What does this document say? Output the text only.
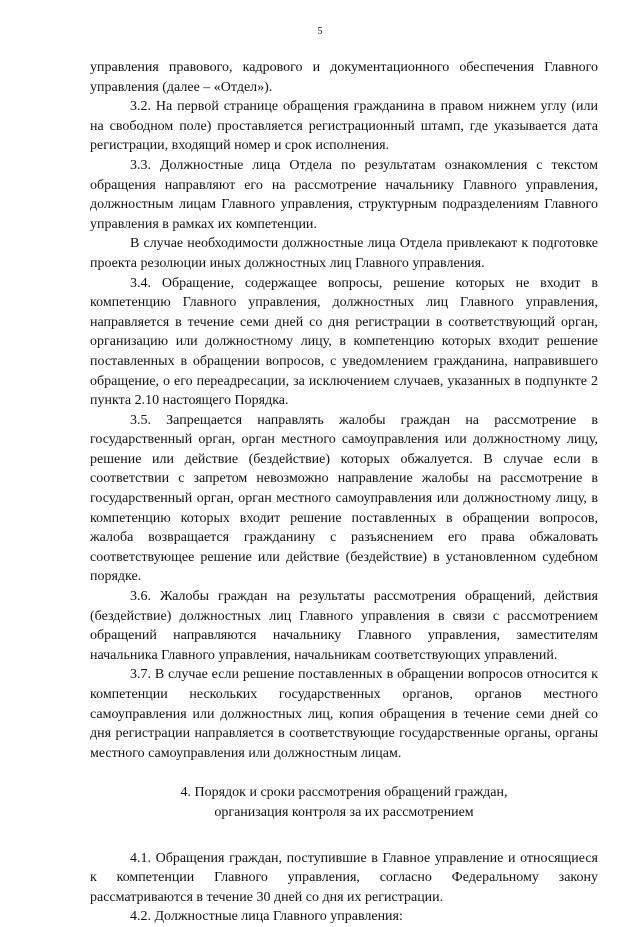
5

управления правового, кадрового и документационного обеспечения Главного управления (далее – «Отдел»).

3.2. На первой странице обращения гражданина в правом нижнем углу (или на свободном поле) проставляется регистрационный штамп, где указывается дата регистрации, входящий номер и срок исполнения.

3.3. Должностные лица Отдела по результатам ознакомления с текстом обращения направляют его на рассмотрение начальнику Главного управления, должностным лицам Главного управления, структурным подразделениям Главного управления в рамках их компетенции.

В случае необходимости должностные лица Отдела привлекают к подготовке проекта резолюции иных должностных лиц Главного управления.

3.4. Обращение, содержащее вопросы, решение которых не входит в компетенцию Главного управления, должностных лиц Главного управления, направляется в течение семи дней со дня регистрации в соответствующий орган, организацию или должностному лицу, в компетенцию которых входит решение поставленных в обращении вопросов, с уведомлением гражданина, направившего обращение, о его переадресации, за исключением случаев, указанных в подпункте 2 пункта 2.10 настоящего Порядка.

3.5. Запрещается направлять жалобы граждан на рассмотрение в государственный орган, орган местного самоуправления или должностному лицу, решение или действие (бездействие) которых обжалуется. В случае если в соответствии с запретом невозможно направление жалобы на рассмотрение в государственный орган, орган местного самоуправления или должностному лицу, в компетенцию которых входит решение поставленных в обращении вопросов, жалоба возвращается гражданину с разъяснением его права обжаловать соответствующее решение или действие (бездействие) в установленном судебном порядке.

3.6. Жалобы граждан на результаты рассмотрения обращений, действия (бездействие) должностных лиц Главного управления в связи с рассмотрением обращений направляются начальнику Главного управления, заместителям начальника Главного управления, начальникам соответствующих управлений.

3.7. В случае если решение поставленных в обращении вопросов относится к компетенции нескольких государственных органов, органов местного самоуправления или должностных лиц, копия обращения в течение семи дней со дня регистрации направляется в соответствующие государственные органы, органы местного самоуправления или должностным лицам.

4. Порядок и сроки рассмотрения обращений граждан,
организация контроля за их рассмотрением

4.1. Обращения граждан, поступившие в Главное управление и относящиеся к компетенции Главного управления, согласно Федеральному закону рассматриваются в течение 30 дней со дня их регистрации.

4.2. Должностные лица Главного управления:
